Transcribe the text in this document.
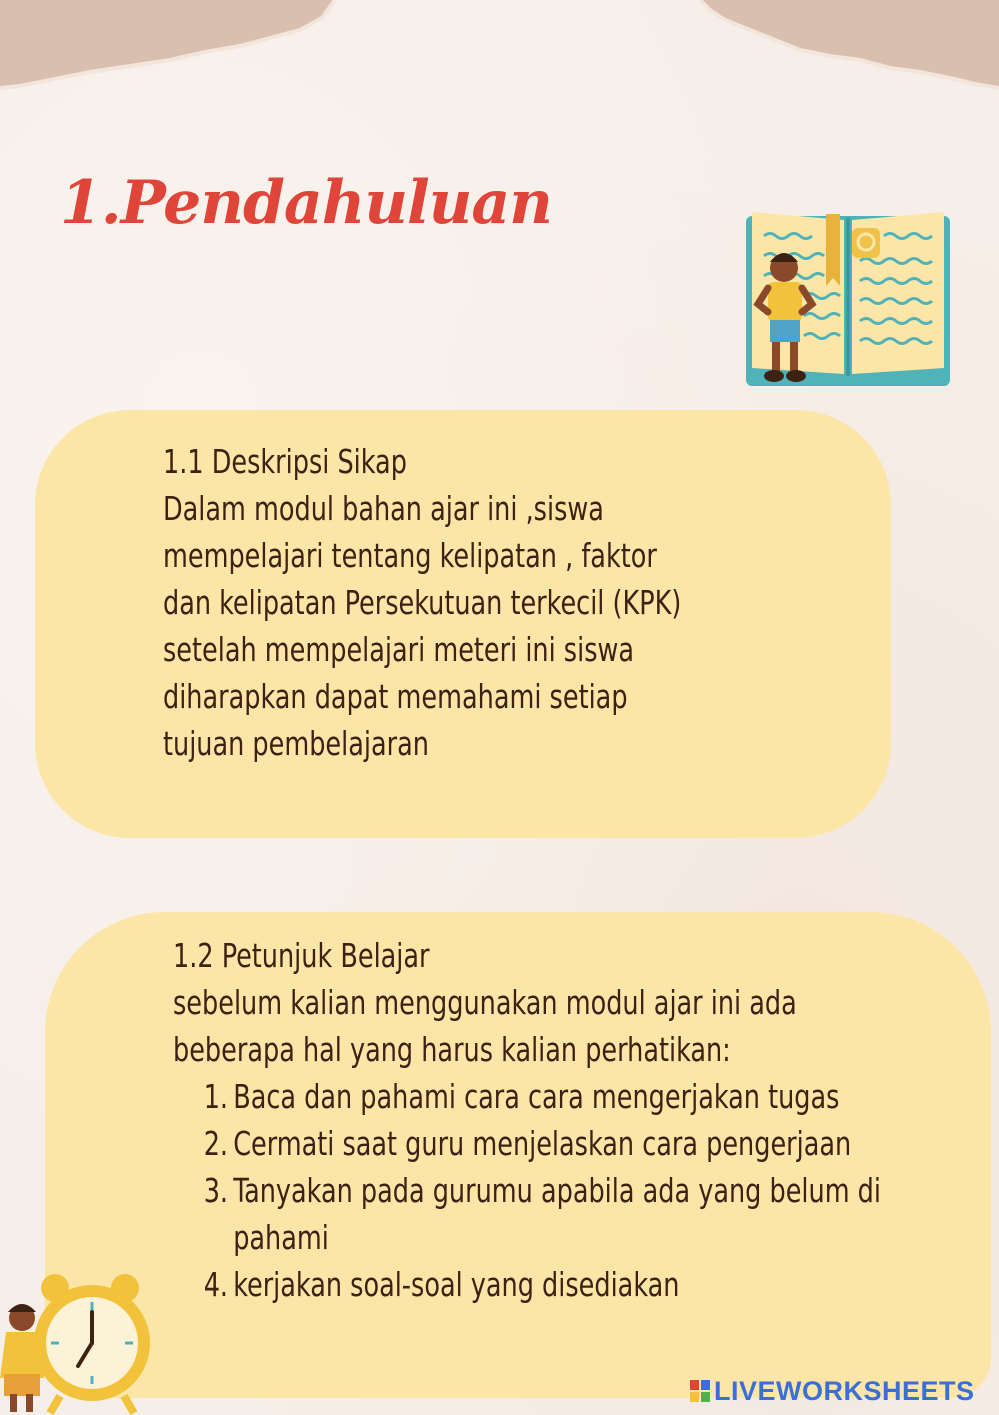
1.Pendahuluan
1.1 Deskripsi Sikap
Dalam modul bahan ajar ini ,siswa
mempelajari tentang kelipatan , faktor
dan kelipatan Persekutuan terkecil (KPK)
setelah mempelajari meteri ini siswa
diharapkan dapat memahami setiap
tujuan pembelajaran
1.2 Petunjuk Belajar
sebelum kalian menggunakan modul ajar ini ada
beberapa hal yang harus kalian perhatikan:
1. Baca dan pahami cara cara mengerjakan tugas
2. Cermati saat guru menjelaskan cara pengerjaan
3. Tanyakan pada gurumu apabila ada yang belum di
pahami
4. kerjakan soal-soal yang disediakan
LIVEWORKSHEETS
